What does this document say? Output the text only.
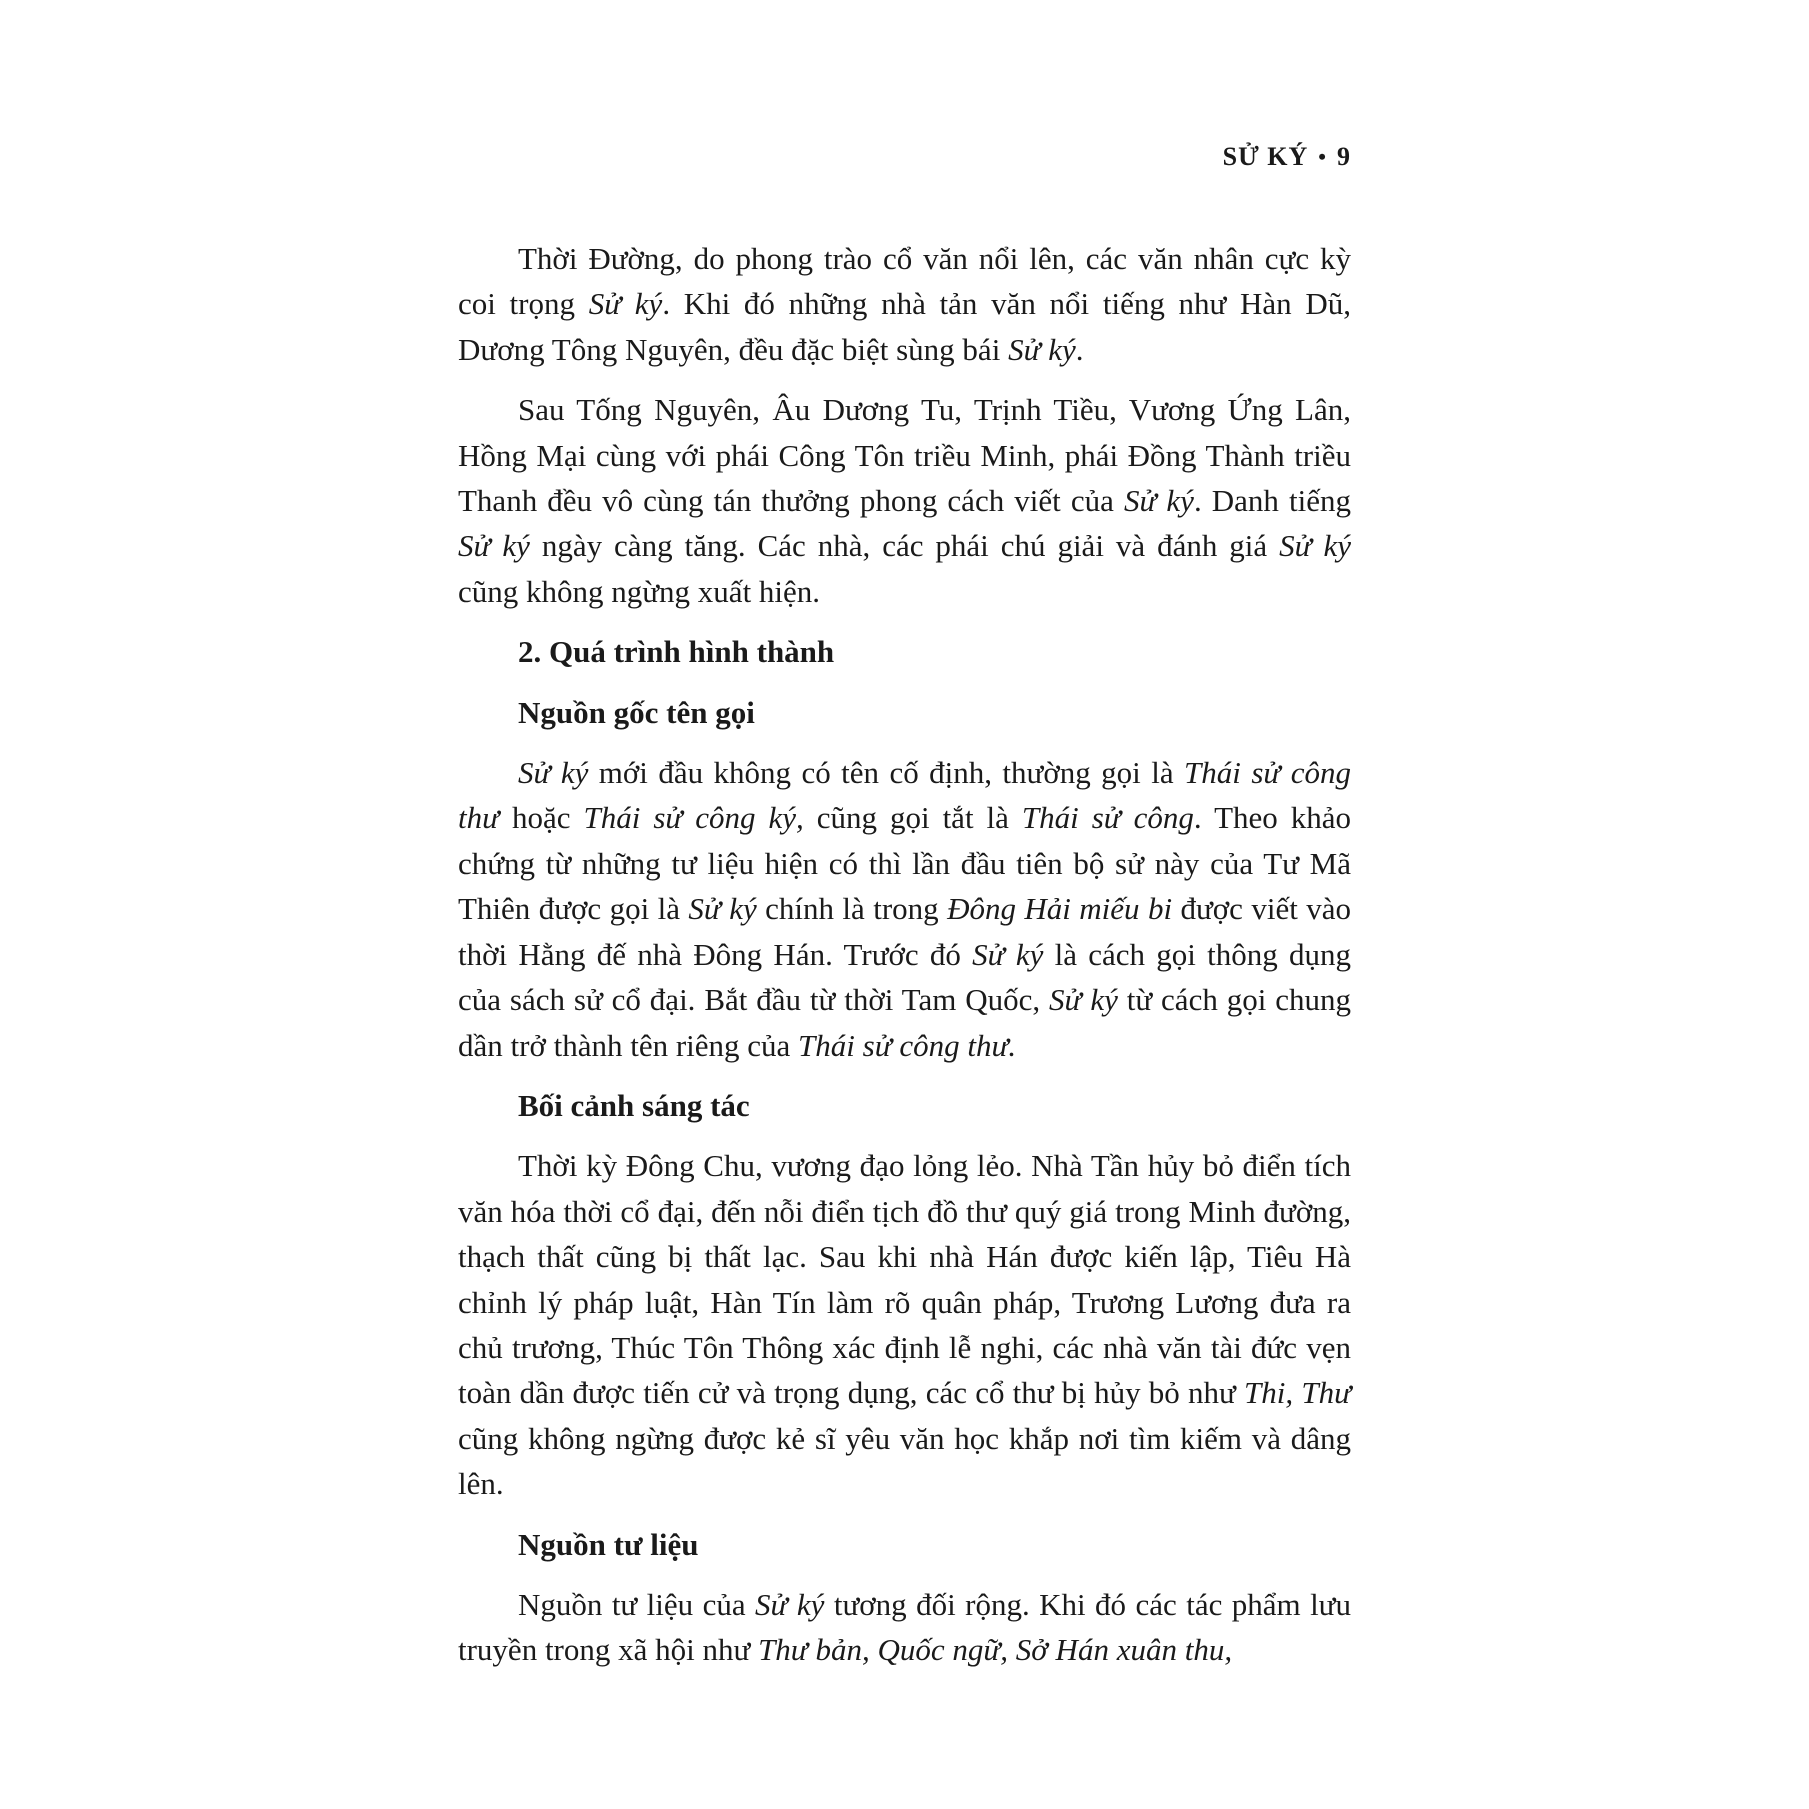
SỬ KÝ • 9

Thời Đường, do phong trào cổ văn nổi lên, các văn nhân cực kỳ coi trọng Sử ký. Khi đó những nhà tản văn nổi tiếng như Hàn Dũ, Dương Tông Nguyên, đều đặc biệt sùng bái Sử ký.

Sau Tống Nguyên, Âu Dương Tu, Trịnh Tiều, Vương Ứng Lân, Hồng Mại cùng với phái Công Tôn triều Minh, phái Đồng Thành triều Thanh đều vô cùng tán thưởng phong cách viết của Sử ký. Danh tiếng Sử ký ngày càng tăng. Các nhà, các phái chú giải và đánh giá Sử ký cũng không ngừng xuất hiện.

2. Quá trình hình thành
Nguồn gốc tên gọi

Sử ký mới đầu không có tên cố định, thường gọi là Thái sử công thư hoặc Thái sử công ký, cũng gọi tắt là Thái sử công. Theo khảo chứng từ những tư liệu hiện có thì lần đầu tiên bộ sử này của Tư Mã Thiên được gọi là Sử ký chính là trong Đông Hải miếu bi được viết vào thời Hằng đế nhà Đông Hán. Trước đó Sử ký là cách gọi thông dụng của sách sử cổ đại. Bắt đầu từ thời Tam Quốc, Sử ký từ cách gọi chung dần trở thành tên riêng của Thái sử công thư.

Bối cảnh sáng tác

Thời kỳ Đông Chu, vương đạo lỏng lẻo. Nhà Tần hủy bỏ điển tích văn hóa thời cổ đại, đến nỗi điển tịch đồ thư quý giá trong Minh đường, thạch thất cũng bị thất lạc. Sau khi nhà Hán được kiến lập, Tiêu Hà chỉnh lý pháp luật, Hàn Tín làm rõ quân pháp, Trương Lương đưa ra chủ trương, Thúc Tôn Thông xác định lễ nghi, các nhà văn tài đức vẹn toàn dần được tiến cử và trọng dụng, các cổ thư bị hủy bỏ như Thi, Thư cũng không ngừng được kẻ sĩ yêu văn học khắp nơi tìm kiếm và dâng lên.

Nguồn tư liệu

Nguồn tư liệu của Sử ký tương đối rộng. Khi đó các tác phẩm lưu truyền trong xã hội như Thư bản, Quốc ngữ, Sở Hán xuân thu,
